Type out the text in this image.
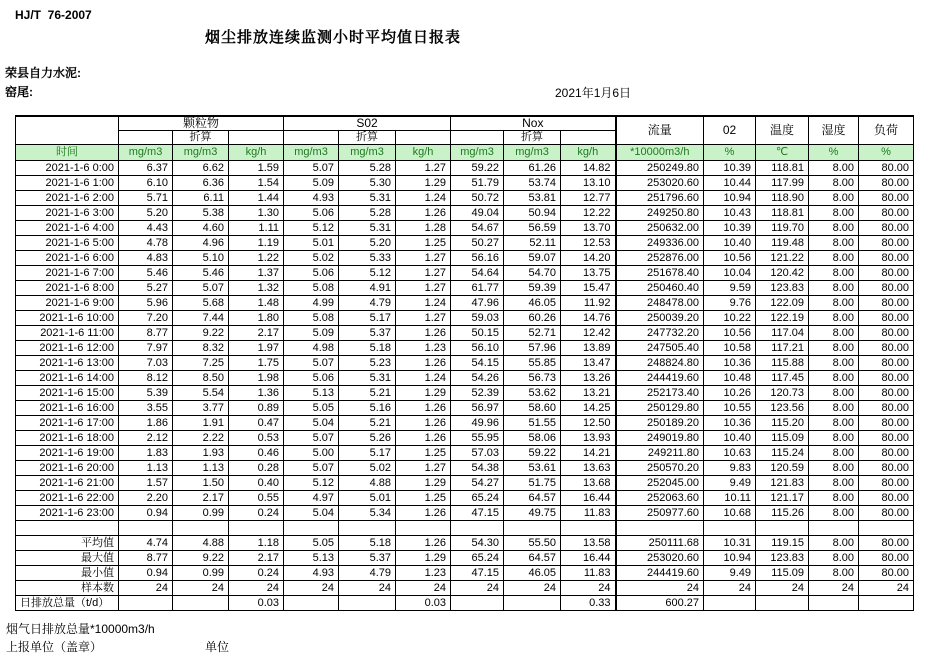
HJ/T  76-2007
烟尘排放连续监测小时平均值日报表
荣县自力水泥:
窑尾:	2021年1月6日
	颗粒物			S02			Nox			流量	02	温度	湿度	负荷
		折算			折算			折算						
时间	mg/m3	mg/m3	kg/h	mg/m3	mg/m3	kg/h	mg/m3	mg/m3	kg/h	*10000m3/h	%	℃	%	%
2021-1-6 0:00	6.37	6.62	1.59	5.07	5.28	1.27	59.22	61.26	14.82	250249.80	10.39	118.81	8.00	80.00
2021-1-6 1:00	6.10	6.36	1.54	5.09	5.30	1.29	51.79	53.74	13.10	253020.60	10.44	117.99	8.00	80.00
2021-1-6 2:00	5.71	6.11	1.44	4.93	5.31	1.24	50.72	53.81	12.77	251796.60	10.94	118.90	8.00	80.00
2021-1-6 3:00	5.20	5.38	1.30	5.06	5.28	1.26	49.04	50.94	12.22	249250.80	10.43	118.81	8.00	80.00
2021-1-6 4:00	4.43	4.60	1.11	5.12	5.31	1.28	54.67	56.59	13.70	250632.00	10.39	119.70	8.00	80.00
2021-1-6 5:00	4.78	4.96	1.19	5.01	5.20	1.25	50.27	52.11	12.53	249336.00	10.40	119.48	8.00	80.00
2021-1-6 6:00	4.83	5.10	1.22	5.02	5.33	1.27	56.16	59.07	14.20	252876.00	10.56	121.22	8.00	80.00
2021-1-6 7:00	5.46	5.46	1.37	5.06	5.12	1.27	54.64	54.70	13.75	251678.40	10.04	120.42	8.00	80.00
2021-1-6 8:00	5.27	5.07	1.32	5.08	4.91	1.27	61.77	59.39	15.47	250460.40	9.59	123.83	8.00	80.00
2021-1-6 9:00	5.96	5.68	1.48	4.99	4.79	1.24	47.96	46.05	11.92	248478.00	9.76	122.09	8.00	80.00
2021-1-6 10:00	7.20	7.44	1.80	5.08	5.17	1.27	59.03	60.26	14.76	250039.20	10.22	122.19	8.00	80.00
2021-1-6 11:00	8.77	9.22	2.17	5.09	5.37	1.26	50.15	52.71	12.42	247732.20	10.56	117.04	8.00	80.00
2021-1-6 12:00	7.97	8.32	1.97	4.98	5.18	1.23	56.10	57.96	13.89	247505.40	10.58	117.21	8.00	80.00
2021-1-6 13:00	7.03	7.25	1.75	5.07	5.23	1.26	54.15	55.85	13.47	248824.80	10.36	115.88	8.00	80.00
2021-1-6 14:00	8.12	8.50	1.98	5.06	5.31	1.24	54.26	56.73	13.26	244419.60	10.48	117.45	8.00	80.00
2021-1-6 15:00	5.39	5.54	1.36	5.13	5.21	1.29	52.39	53.62	13.21	252173.40	10.26	120.73	8.00	80.00
2021-1-6 16:00	3.55	3.77	0.89	5.05	5.16	1.26	56.97	58.60	14.25	250129.80	10.55	123.56	8.00	80.00
2021-1-6 17:00	1.86	1.91	0.47	5.04	5.21	1.26	49.96	51.55	12.50	250189.20	10.36	115.20	8.00	80.00
2021-1-6 18:00	2.12	2.22	0.53	5.07	5.26	1.26	55.95	58.06	13.93	249019.80	10.40	115.09	8.00	80.00
2021-1-6 19:00	1.83	1.93	0.46	5.00	5.17	1.25	57.03	59.22	14.21	249211.80	10.63	115.24	8.00	80.00
2021-1-6 20:00	1.13	1.13	0.28	5.07	5.02	1.27	54.38	53.61	13.63	250570.20	9.83	120.59	8.00	80.00
2021-1-6 21:00	1.57	1.50	0.40	5.12	4.88	1.29	54.27	51.75	13.68	252045.00	9.49	121.83	8.00	80.00
2021-1-6 22:00	2.20	2.17	0.55	4.97	5.01	1.25	65.24	64.57	16.44	252063.60	10.11	121.17	8.00	80.00
2021-1-6 23:00	0.94	0.99	0.24	5.04	5.34	1.26	47.15	49.75	11.83	250977.60	10.68	115.26	8.00	80.00

平均值	4.74	4.88	1.18	5.05	5.18	1.26	54.30	55.50	13.58	250111.68	10.31	119.15	8.00	80.00
最大值	8.77	9.22	2.17	5.13	5.37	1.29	65.24	64.57	16.44	253020.60	10.94	123.83	8.00	80.00
最小值	0.94	0.99	0.24	4.93	4.79	1.23	47.15	46.05	11.83	244419.60	9.49	115.09	8.00	80.00
样本数	24	24	24	24	24	24	24	24	24	24	24	24	24	24
日排放总量（t/d）			0.03			0.03			0.33	600.27				
烟气日排放总量*10000m3/h
上报单位（盖章）	单位
